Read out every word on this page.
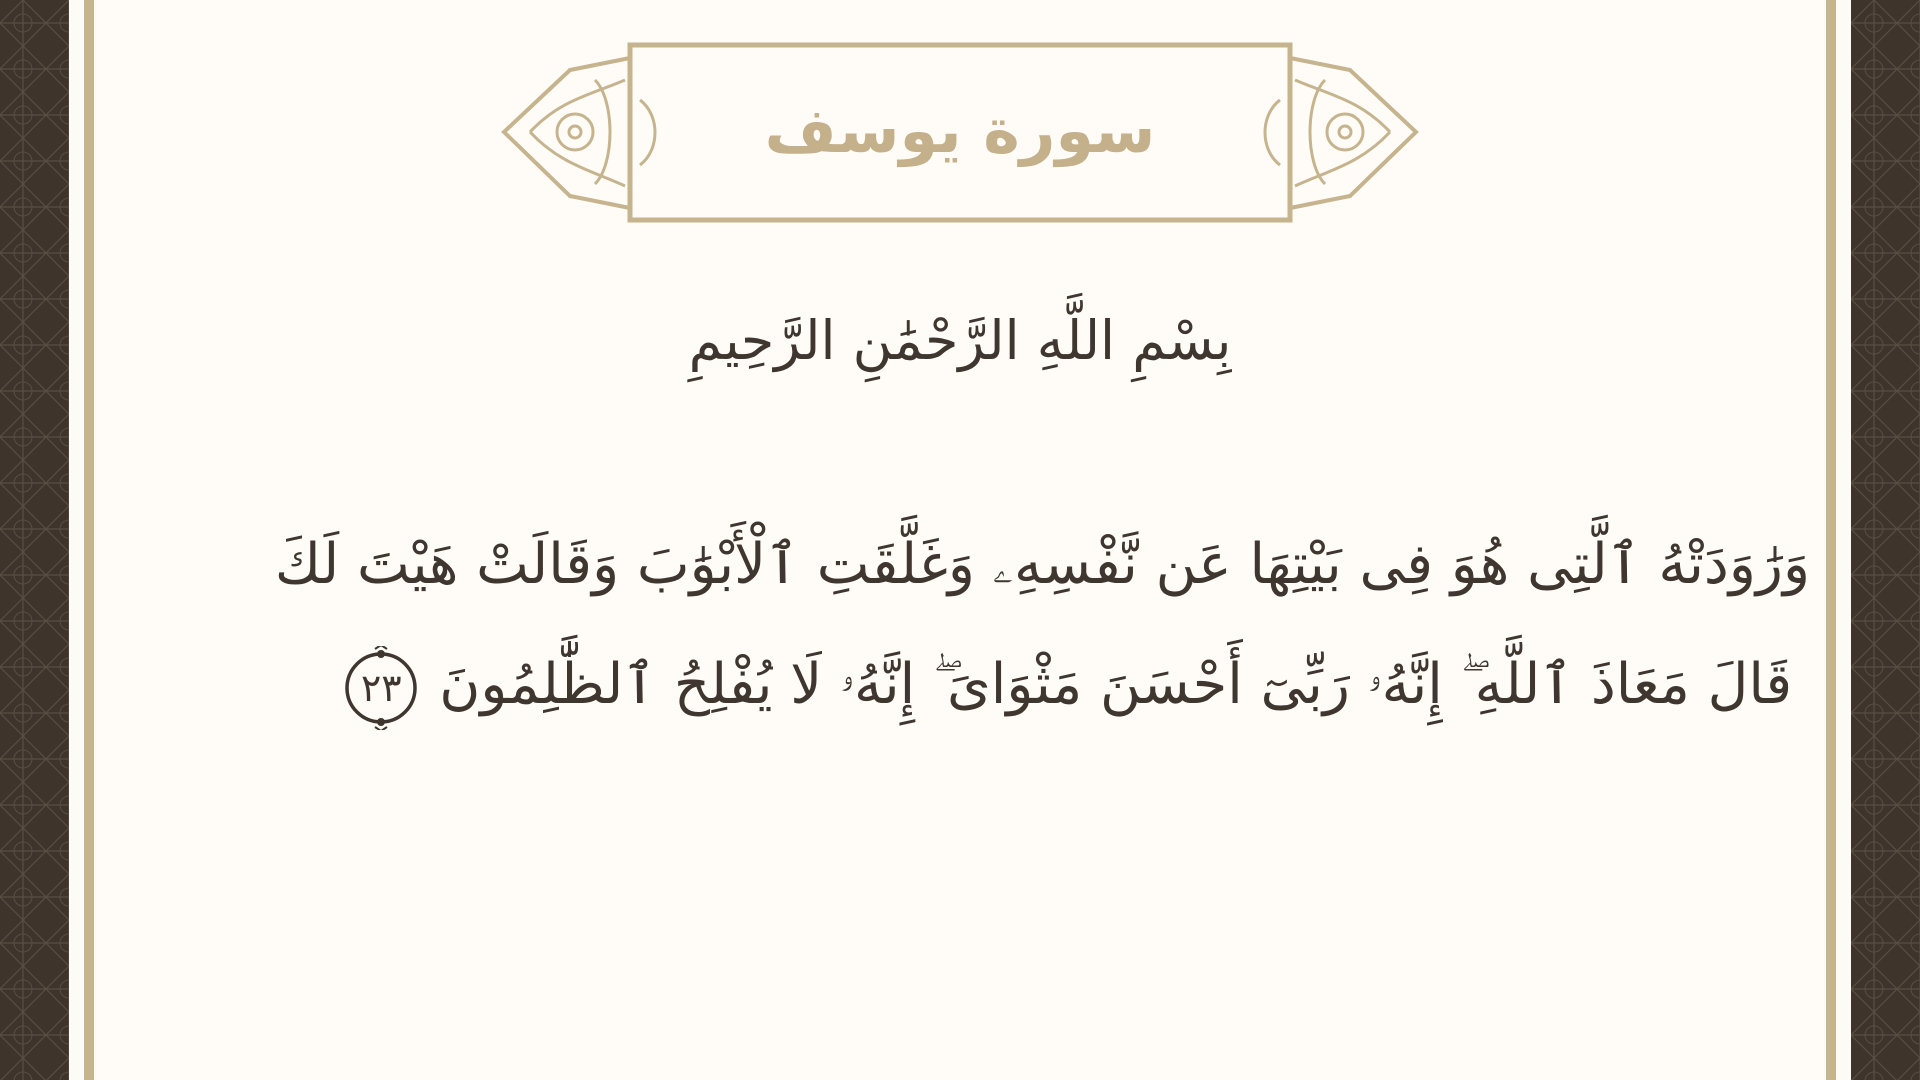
سورة يوسف
بِسْمِ اللَّهِ الرَّحْمَٰنِ الرَّحِيمِ
وَرَٰوَدَتْهُ ٱلَّتِى هُوَ فِى بَيْتِهَا عَن نَّفْسِهِۦ وَغَلَّقَتِ ٱلْأَبْوَٰبَ وَقَالَتْ هَيْتَ لَكَ
ۚ قَالَ مَعَاذَ ٱللَّهِ ۖ إِنَّهُۥ رَبِّىٓ أَحْسَنَ مَثْوَاىَ ۖ إِنَّهُۥ لَا يُفْلِحُ ٱلظَّٰلِمُونَ
٢٣
